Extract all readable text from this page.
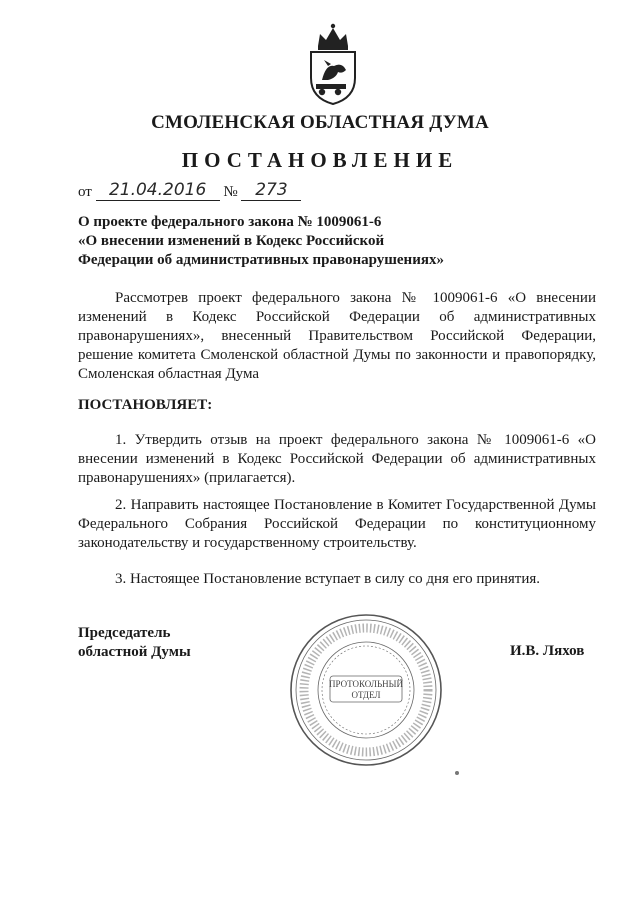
СМОЛЕНСКАЯ ОБЛАСТНАЯ ДУМА
ПОСТАНОВЛЕНИЕ
от 21.04.2016 № 273
О проекте федерального закона № 1009061-6
«О внесении изменений в Кодекс Российской
Федерации об административных правонарушениях»
Рассмотрев проект федерального закона № 1009061-6 «О внесении изменений в Кодекс Российской Федерации об административных правонарушениях», внесенный Правительством Российской Федерации, решение комитета Смоленской областной Думы по законности и правопорядку, Смоленская областная Дума
ПОСТАНОВЛЯЕТ:
1. Утвердить отзыв на проект федерального закона № 1009061-6 «О внесении изменений в Кодекс Российской Федерации об административных правонарушениях» (прилагается).
2. Направить настоящее Постановление в Комитет Государственной Думы Федерального Собрания Российской Федерации по конституционному законодательству и государственному строительству.
3. Настоящее Постановление вступает в силу со дня его принятия.
Председатель
областной Думы	И.В. Ляхов
ПРОТОКОЛЬНЫЙ
ОТДЕЛ
